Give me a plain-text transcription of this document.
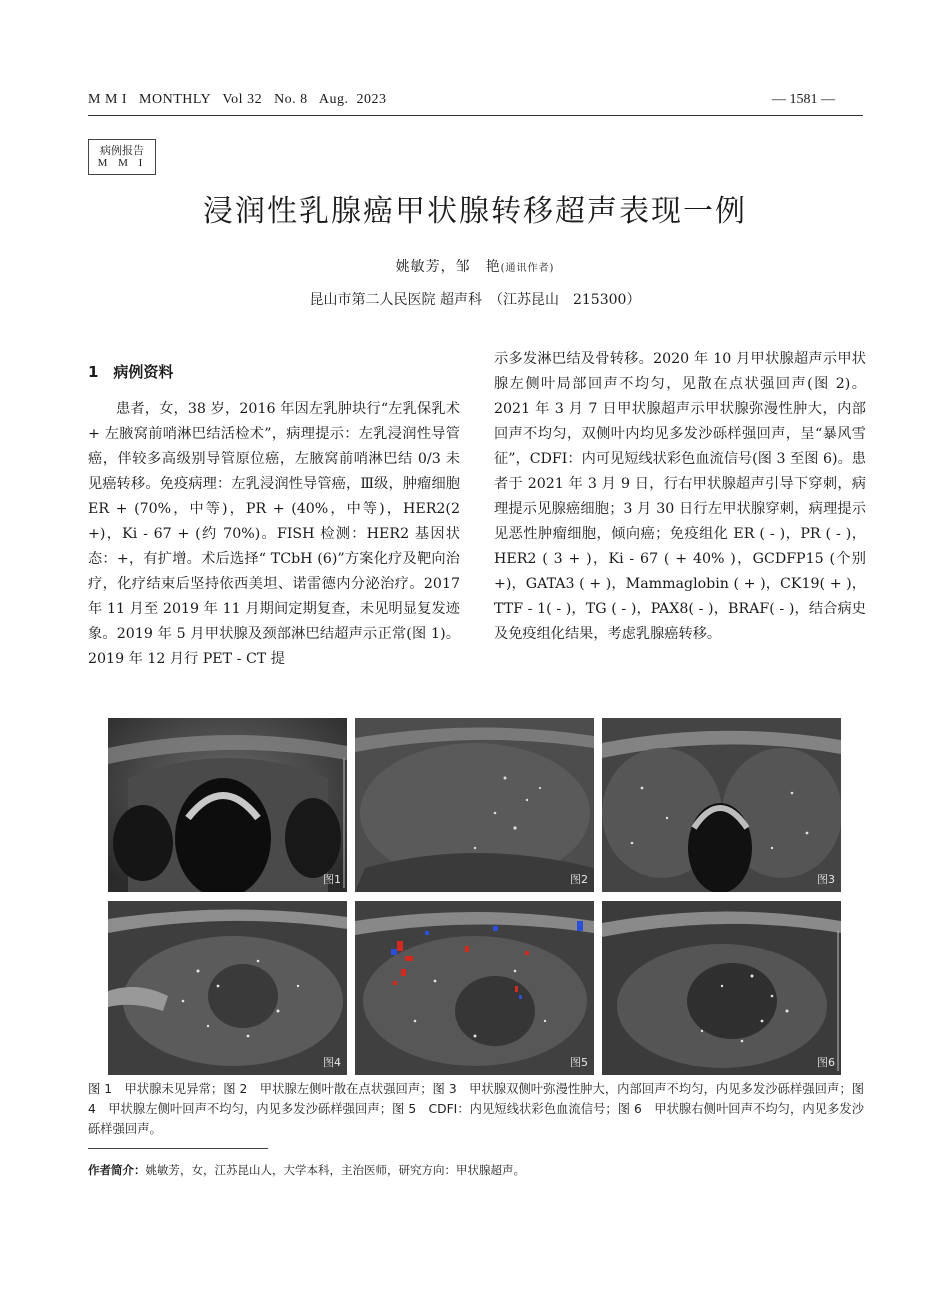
M M I   MONTHLY   Vol 32   No. 8   Aug.  2023	— 1581 —
病例报告
M M I
浸润性乳腺癌甲状腺转移超声表现一例
姚敏芳，邹　艳(通讯作者)
昆山市第二人民医院 超声科　（江苏昆山　215300）
1　病例资料

患者，女，38 岁，2016 年因左乳肿块行“左乳保乳术 + 左腋窝前哨淋巴结活检术”，病理提示：左乳浸润性导管癌，伴较多高级别导管原位癌，左腋窝前哨淋巴结 0/3 未见癌转移。免疫病理：左乳浸润性导管癌，Ⅲ级，肿瘤细胞 ER + (70%，中等)，PR + (40%，中等)，HER2(2 +)，Ki - 67 + (约 70%)。FISH 检测：HER2 基因状态：+，有扩增。术后选择“ TCbH (6)”方案化疗及靶向治疗，化疗结束后坚持依西美坦、诺雷德内分泌治疗。2017 年 11 月至 2019 年 11 月期间定期复查，未见明显复发迹象。2019 年 5 月甲状腺及颈部淋巴结超声示正常(图 1)。2019 年 12 月行 PET - CT 提

示多发淋巴结及骨转移。2020 年 10 月甲状腺超声示甲状腺左侧叶局部回声不均匀，见散在点状强回声(图 2)。2021 年 3 月 7 日甲状腺超声示甲状腺弥漫性肿大，内部回声不均匀，双侧叶内均见多发沙砾样强回声，呈“暴风雪征”，CDFI：内可见短线状彩色血流信号(图 3 至图 6)。患者于 2021 年 3 月 9 日，行右甲状腺超声引导下穿刺，病理提示见腺癌细胞；3 月 30 日行左甲状腺穿刺，病理提示见恶性肿瘤细胞，倾向癌；免疫组化 ER ( - )，PR ( - )，HER2 ( 3 + )，Ki - 67 ( + 40% )，GCDFP15 (个别 +)，GATA3 ( + )，Mammaglobin ( + )，CK19( + )，TTF - 1( - )，TG ( - )，PAX8( - )，BRAF( - )，结合病史及免疫组化结果，考虑乳腺癌转移。

图1	图2	图3
图4	图5	图6
图 1　甲状腺未见异常；图 2　甲状腺左侧叶散在点状强回声；图 3　甲状腺双侧叶弥漫性肿大，内部回声不均匀，内见多发沙砾样强回声；图 4　甲状腺左侧叶回声不均匀，内见多发沙砾样强回声；图 5　CDFI：内见短线状彩色血流信号；图 6　甲状腺右侧叶回声不均匀，内见多发沙砾样强回声。
作者简介：姚敏芳，女，江苏昆山人，大学本科，主治医师，研究方向：甲状腺超声。
